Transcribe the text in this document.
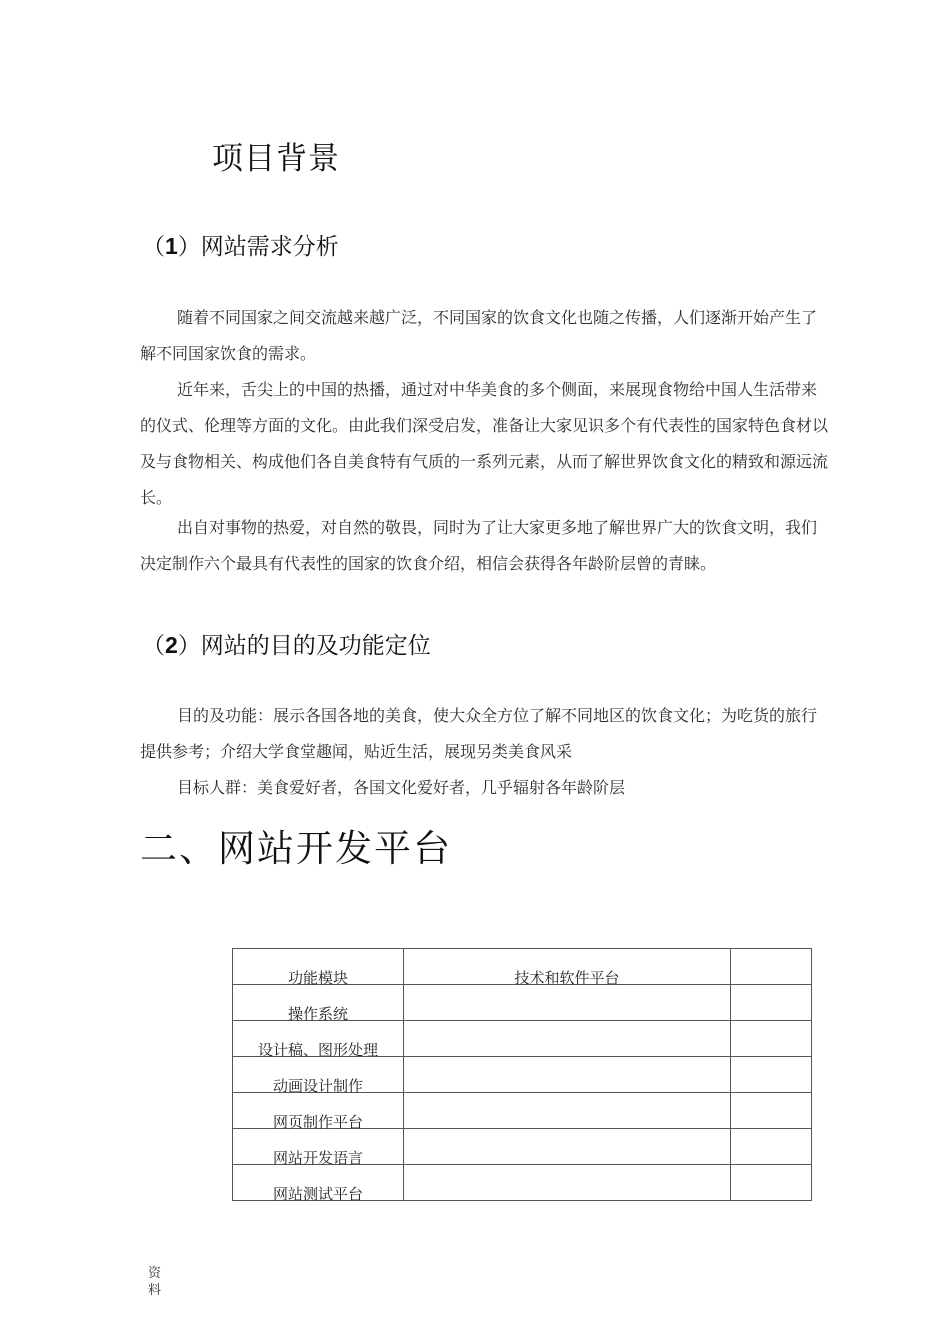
项目背景
（1）网站需求分析
随着不同国家之间交流越来越广泛，不同国家的饮食文化也随之传播，人们逐渐开始产生了解不同国家饮食的需求。
近年来，舌尖上的中国的热播，通过对中华美食的多个侧面，来展现食物给中国人生活带来的仪式、伦理等方面的文化。由此我们深受启发，准备让大家见识多个有代表性的国家特色食材以及与食物相关、构成他们各自美食特有气质的一系列元素，从而了解世界饮食文化的精致和源远流长。
出自对事物的热爱，对自然的敬畏，同时为了让大家更多地了解世界广大的饮食文明，我们决定制作六个最具有代表性的国家的饮食介绍，相信会获得各年龄阶层曾的青睐。
（2）网站的目的及功能定位
目的及功能：展示各国各地的美食，使大众全方位了解不同地区的饮食文化；为吃货的旅行提供参考；介绍大学食堂趣闻，贴近生活，展现另类美食风采
目标人群：美食爱好者，各国文化爱好者，几乎辐射各年龄阶层
二、网站开发平台
功能模块	技术和软件平台	
操作系统		
设计稿、图形处理		
动画设计制作		
网页制作平台		
网站开发语言		
网站测试平台		
资料
